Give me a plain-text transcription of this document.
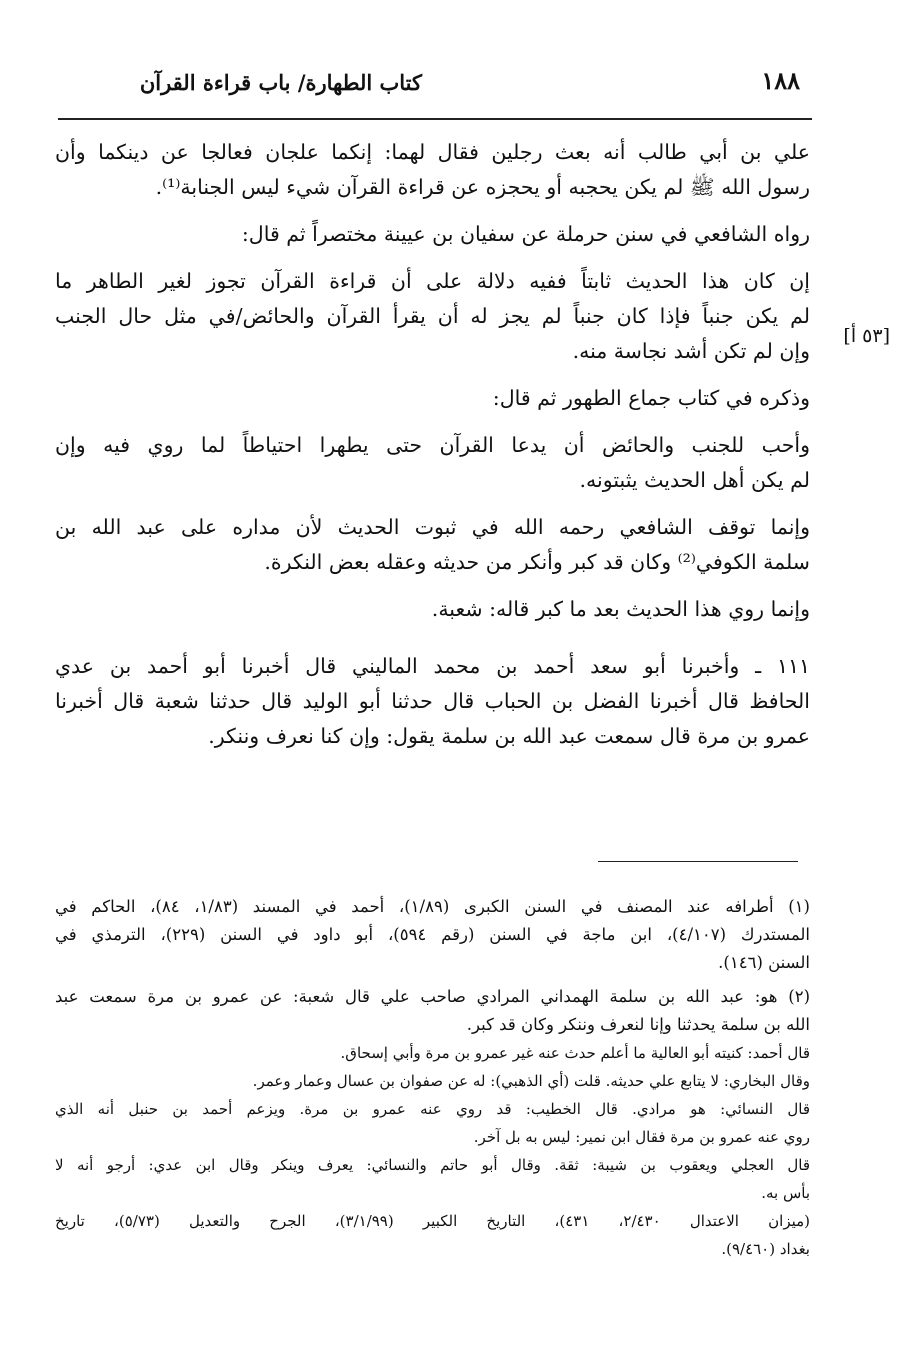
كتاب الطهارة/ باب قراءة القرآن	١٨٨
[٥٣ أ]
علي بن أبي طالب أنه بعث رجلين فقال لهما: إنكما علجان فعالجا عن دينكما وأن
رسول الله ﷺ لم يكن يحجبه أو يحجزه عن قراءة القرآن شيء ليس الجنابة⁽¹⁾.
رواه الشافعي في سنن حرملة عن سفيان بن عيينة مختصراً ثم قال:
إن كان هذا الحديث ثابتاً ففيه دلالة على أن قراءة القرآن تجوز لغير الطاهر ما
لم يكن جنباً فإذا كان جنباً لم يجز له أن يقرأ القرآن والحائض/في مثل حال الجنب
وإن لم تكن أشد نجاسة منه.
وذكره في كتاب جماع الطهور ثم قال:
وأحب للجنب والحائض أن يدعا القرآن حتى يطهرا احتياطاً لما روي فيه وإن
لم يكن أهل الحديث يثبتونه.
وإنما توقف الشافعي رحمه الله في ثبوت الحديث لأن مداره على عبد الله بن
سلمة الكوفي⁽²⁾ وكان قد كبر وأنكر من حديثه وعقله بعض النكرة.
وإنما روي هذا الحديث بعد ما كبر قاله: شعبة.
١١١ ـ وأخبرنا أبو سعد أحمد بن محمد الماليني قال أخبرنا أبو أحمد بن عدي
الحافظ قال أخبرنا الفضل بن الحباب قال حدثنا أبو الوليد قال حدثنا شعبة قال أخبرنا
عمرو بن مرة قال سمعت عبد الله بن سلمة يقول: وإن كنا نعرف وننكر.
(١) أطرافه عند المصنف في السنن الكبرى (١/٨٩)، أحمد في المسند (١/٨٣، ٨٤)، الحاكم في
المستدرك (٤/١٠٧)، ابن ماجة في السنن (رقم ٥٩٤)، أبو داود في السنن (٢٢٩)، الترمذي في
السنن (١٤٦).
(٢) هو: عبد الله بن سلمة الهمداني المرادي صاحب علي قال شعبة: عن عمرو بن مرة سمعت عبد
الله بن سلمة يحدثنا وإنا لنعرف وننكر وكان قد كبر.
قال أحمد: كنيته أبو العالية ما أعلم حدث عنه غير عمرو بن مرة وأبي إسحاق.
وقال البخاري: لا يتابع علي حديثه. قلت (أي الذهبي): له عن صفوان بن عسال وعمار وعمر.
قال النسائي: هو مرادي. قال الخطيب: قد روي عنه عمرو بن مرة. ويزعم أحمد بن حنبل أنه الذي
روي عنه عمرو بن مرة فقال ابن نمير: ليس به بل آخر.
قال العجلي ويعقوب بن شيبة: ثقة. وقال أبو حاتم والنسائي: يعرف وينكر وقال ابن عدي: أرجو أنه لا
بأس به.
(ميزان الاعتدال ٢/٤٣٠، ٤٣١)، التاريخ الكبير (٣/١/٩٩)، الجرح والتعديل (٥/٧٣)، تاريخ
بغداد (٩/٤٦٠).
